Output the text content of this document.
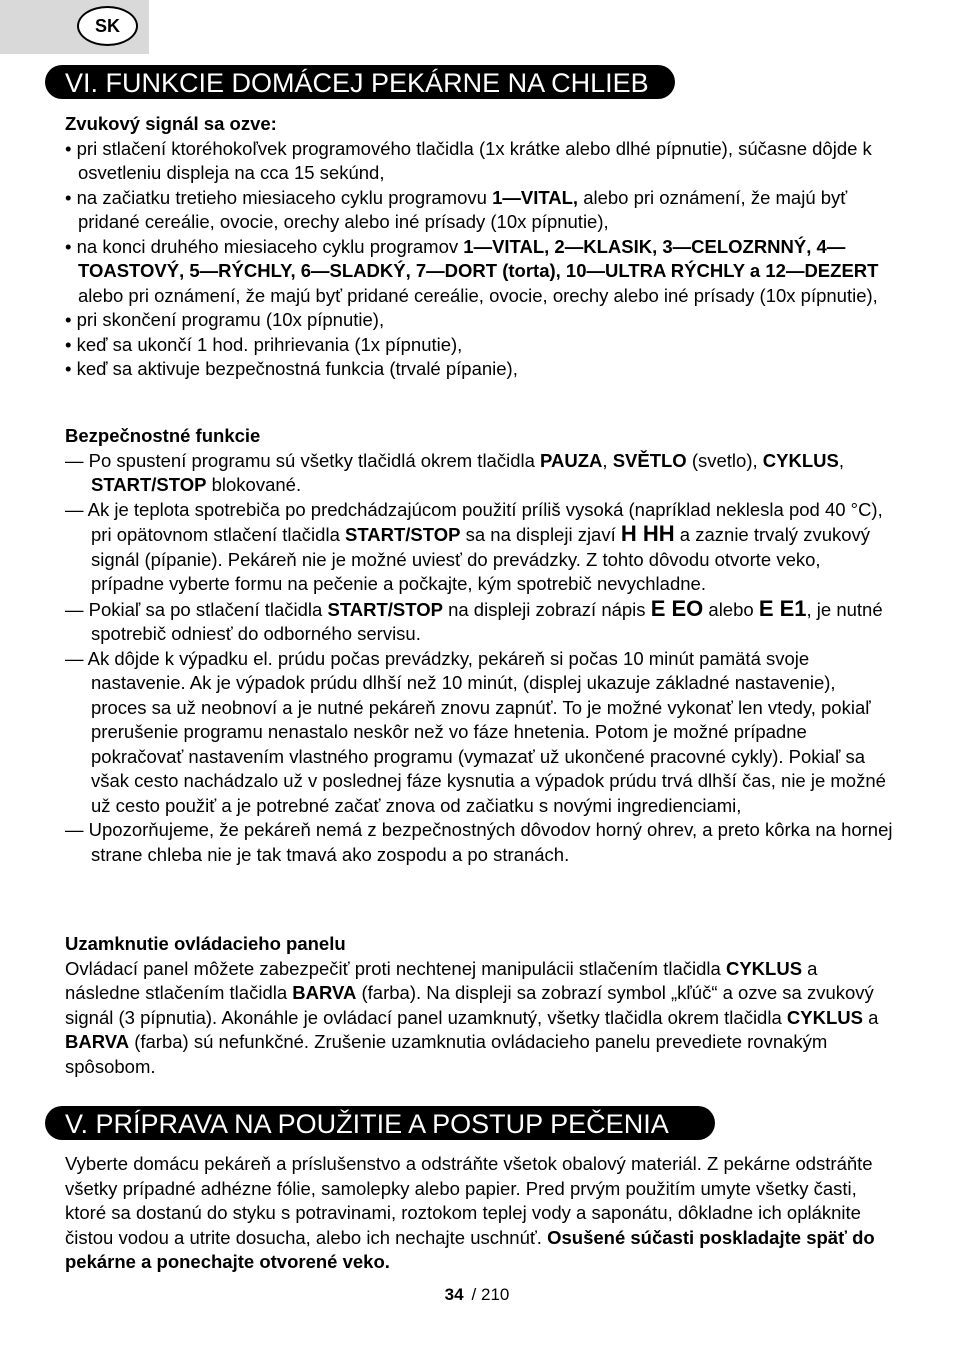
SK
VI. FUNKCIE DOMÁCEJ PEKÁRNE NA CHLIEB
Zvukový signál sa ozve:

• pri stlačení ktoréhokoľvek programového tlačidla (1x krátke alebo dlhé pípnutie), súčasne dôjde k osvetleniu displeja na cca 15 sekúnd,

• na začiatku tretieho miesiaceho cyklu programovu 1—VITAL, alebo pri oznámení, že majú byť pridané cereálie, ovocie, orechy alebo iné prísady (10x pípnutie),

• na konci druhého miesiaceho cyklu programov 1—VITAL, 2—KLASIK, 3—CELOZRNNÝ, 4—TOASTOVÝ, 5—RÝCHLY, 6—SLADKÝ, 7—DORT (torta), 10—ULTRA RÝCHLY a 12—DEZERT alebo pri oznámení, že majú byť pridané cereálie, ovocie, orechy alebo iné prísady (10x pípnutie),

• pri skončení programu (10x pípnutie),

• keď sa ukončí 1 hod. prihrievania (1x pípnutie),

• keď sa aktivuje bezpečnostná funkcia (trvalé pípanie),

Bezpečnostné funkcie

— Po spustení programu sú všetky tlačidlá okrem tlačidla PAUZA, SVĚTLO (svetlo), CYKLUS, START/STOP blokované.

— Ak je teplota spotrebiča po predchádzajúcom použití príliš vysoká (napríklad neklesla pod 40 °C), pri opätovnom stlačení tlačidla START/STOP sa na displeji zjaví H HH a zaznie trvalý zvukový signál (pípanie). Pekáreň nie je možné uviesť do prevádzky. Z tohto dôvodu otvorte veko, prípadne vyberte formu na pečenie a počkajte, kým spotrebič nevychladne.

— Pokiaľ sa po stlačení tlačidla START/STOP na displeji zobrazí nápis E EO alebo E E1, je nutné spotrebič odniesť do odborného servisu.

— Ak dôjde k výpadku el. prúdu počas prevádzky, pekáreň si počas 10 minút pamätá svoje nastavenie. Ak je výpadok prúdu dlhší než 10 minút, (displej ukazuje základné nastavenie), proces sa už neobnoví a je nutné pekáreň znovu zapnúť. To je možné vykonať len vtedy, pokiaľ prerušenie programu nenastalo neskôr než vo fáze hnetenia. Potom je možné prípadne pokračovať nastavením vlastného programu (vymazať už ukončené pracovné cykly). Pokiaľ sa však cesto nachádzalo už v poslednej fáze kysnutia a výpadok prúdu trvá dlhší čas, nie je možné už cesto použiť a je potrebné začať znova od začiatku s novými ingredienciami,

— Upozorňujeme, že pekáreň nemá z bezpečnostných dôvodov horný ohrev, a preto kôrka na hornej strane chleba nie je tak tmavá ako zospodu a po stranách.

Uzamknutie ovládacieho panelu

Ovládací panel môžete zabezpečiť proti nechtenej manipulácii stlačením tlačidla CYKLUS a následne stlačením tlačidla BARVA (farba). Na displeji sa zobrazí symbol „kľúč“ a ozve sa zvukový signál (3 pípnutia). Akonáhle je ovládací panel uzamknutý, všetky tlačidla okrem tlačidla CYKLUS a BARVA (farba) sú nefunkčné. Zrušenie uzamknutia ovládacieho panelu prevediete rovnakým spôsobom.

V. PRÍPRAVA NA POUŽITIE A POSTUP PEČENIA

Vyberte domácu pekáreň a príslušenstvo a odstráňte všetok obalový materiál. Z pekárne odstráňte všetky prípadné adhézne fólie, samolepky alebo papier. Pred prvým použitím umyte všetky časti, ktoré sa dostanú do styku s potravinami, roztokom teplej vody a saponátu, dôkladne ich opláknite čistou vodou a utrite dosucha, alebo ich nechajte uschnúť. Osušené súčasti poskladajte späť do pekárne a ponechajte otvorené veko.

34 / 210
